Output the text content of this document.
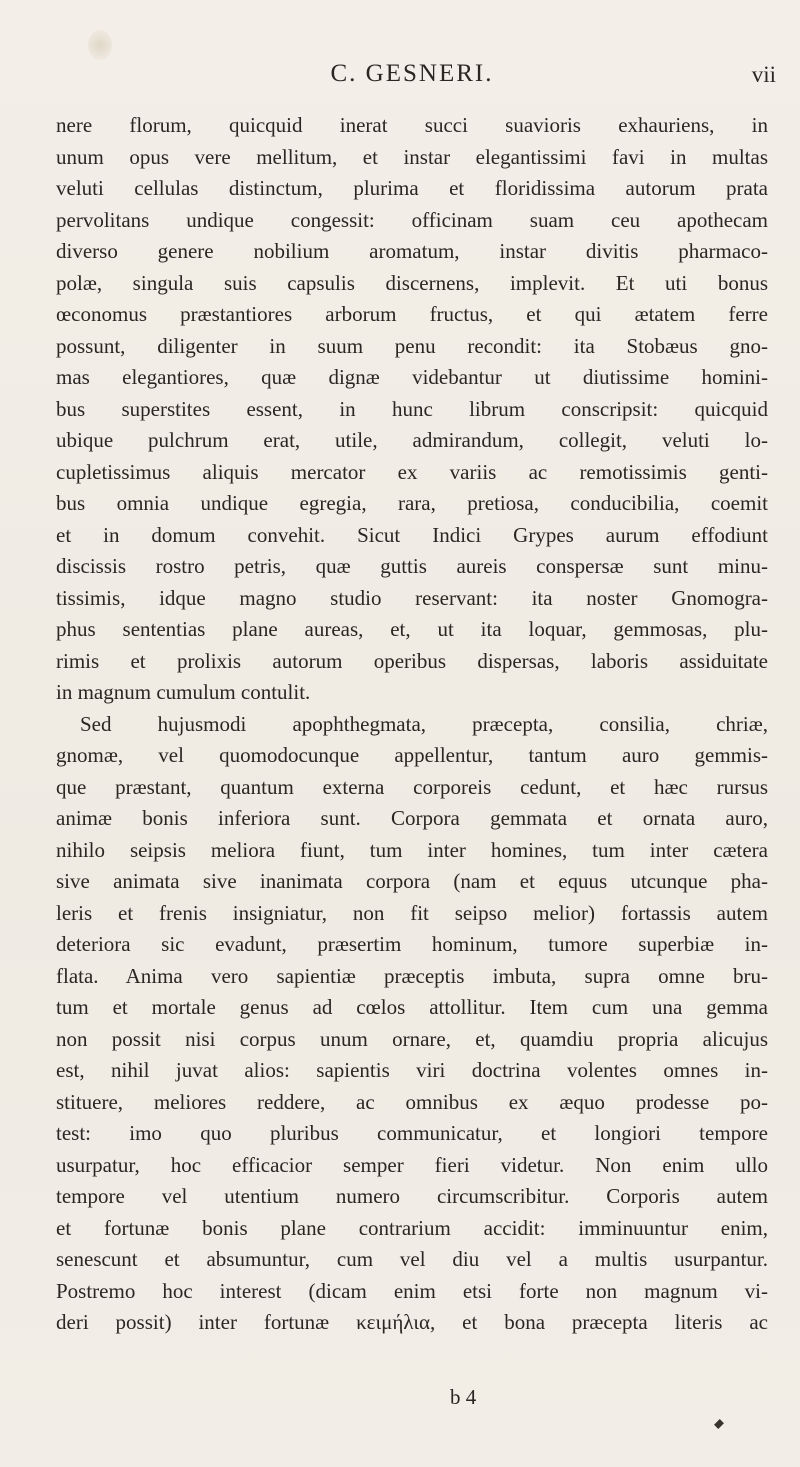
C. GESNERI.	vii
nere florum, quicquid inerat succi suavioris exhauriens, in
unum opus vere mellitum, et instar elegantissimi favi in multas
veluti cellulas distinctum, plurima et floridissima autorum prata
pervolitans undique congessit: officinam suam ceu apothecam
diverso genere nobilium aromatum, instar divitis pharmaco-
polæ, singula suis capsulis discernens, implevit. Et uti bonus
œconomus præstantiores arborum fructus, et qui ætatem ferre
possunt, diligenter in suum penu recondit: ita Stobæus gno-
mas elegantiores, quæ dignæ videbantur ut diutissime homini-
bus superstites essent, in hunc librum conscripsit: quicquid
ubique pulchrum erat, utile, admirandum, collegit, veluti lo-
cupletissimus aliquis mercator ex variis ac remotissimis genti-
bus omnia undique egregia, rara, pretiosa, conducibilia, coemit
et in domum convehit. Sicut Indici Grypes aurum effodiunt
discissis rostro petris, quæ guttis aureis conspersæ sunt minu-
tissimis, idque magno studio reservant: ita noster Gnomogra-
phus sententias plane aureas, et, ut ita loquar, gemmosas, plu-
rimis et prolixis autorum operibus dispersas, laboris assiduitate
in magnum cumulum contulit.
Sed hujusmodi apophthegmata, præcepta, consilia, chriæ,
gnomæ, vel quomodocunque appellentur, tantum auro gemmis-
que præstant, quantum externa corporeis cedunt, et hæc rursus
animæ bonis inferiora sunt. Corpora gemmata et ornata auro,
nihilo seipsis meliora fiunt, tum inter homines, tum inter cætera
sive animata sive inanimata corpora (nam et equus utcunque pha-
leris et frenis insigniatur, non fit seipso melior) fortassis autem
deteriora sic evadunt, præsertim hominum, tumore superbiæ in-
flata. Anima vero sapientiæ præceptis imbuta, supra omne bru-
tum et mortale genus ad cœlos attollitur. Item cum una gemma
non possit nisi corpus unum ornare, et, quamdiu propria alicujus
est, nihil juvat alios: sapientis viri doctrina volentes omnes in-
stituere, meliores reddere, ac omnibus ex æquo prodesse po-
test: imo quo pluribus communicatur, et longiori tempore
usurpatur, hoc efficacior semper fieri videtur. Non enim ullo
tempore vel utentium numero circumscribitur. Corporis autem
et fortunæ bonis plane contrarium accidit: imminuuntur enim,
senescunt et absumuntur, cum vel diu vel a multis usurpantur.
Postremo hoc interest (dicam enim etsi forte non magnum vi-
deri possit) inter fortunæ κειμήλια, et bona præcepta literis ac
b 4
